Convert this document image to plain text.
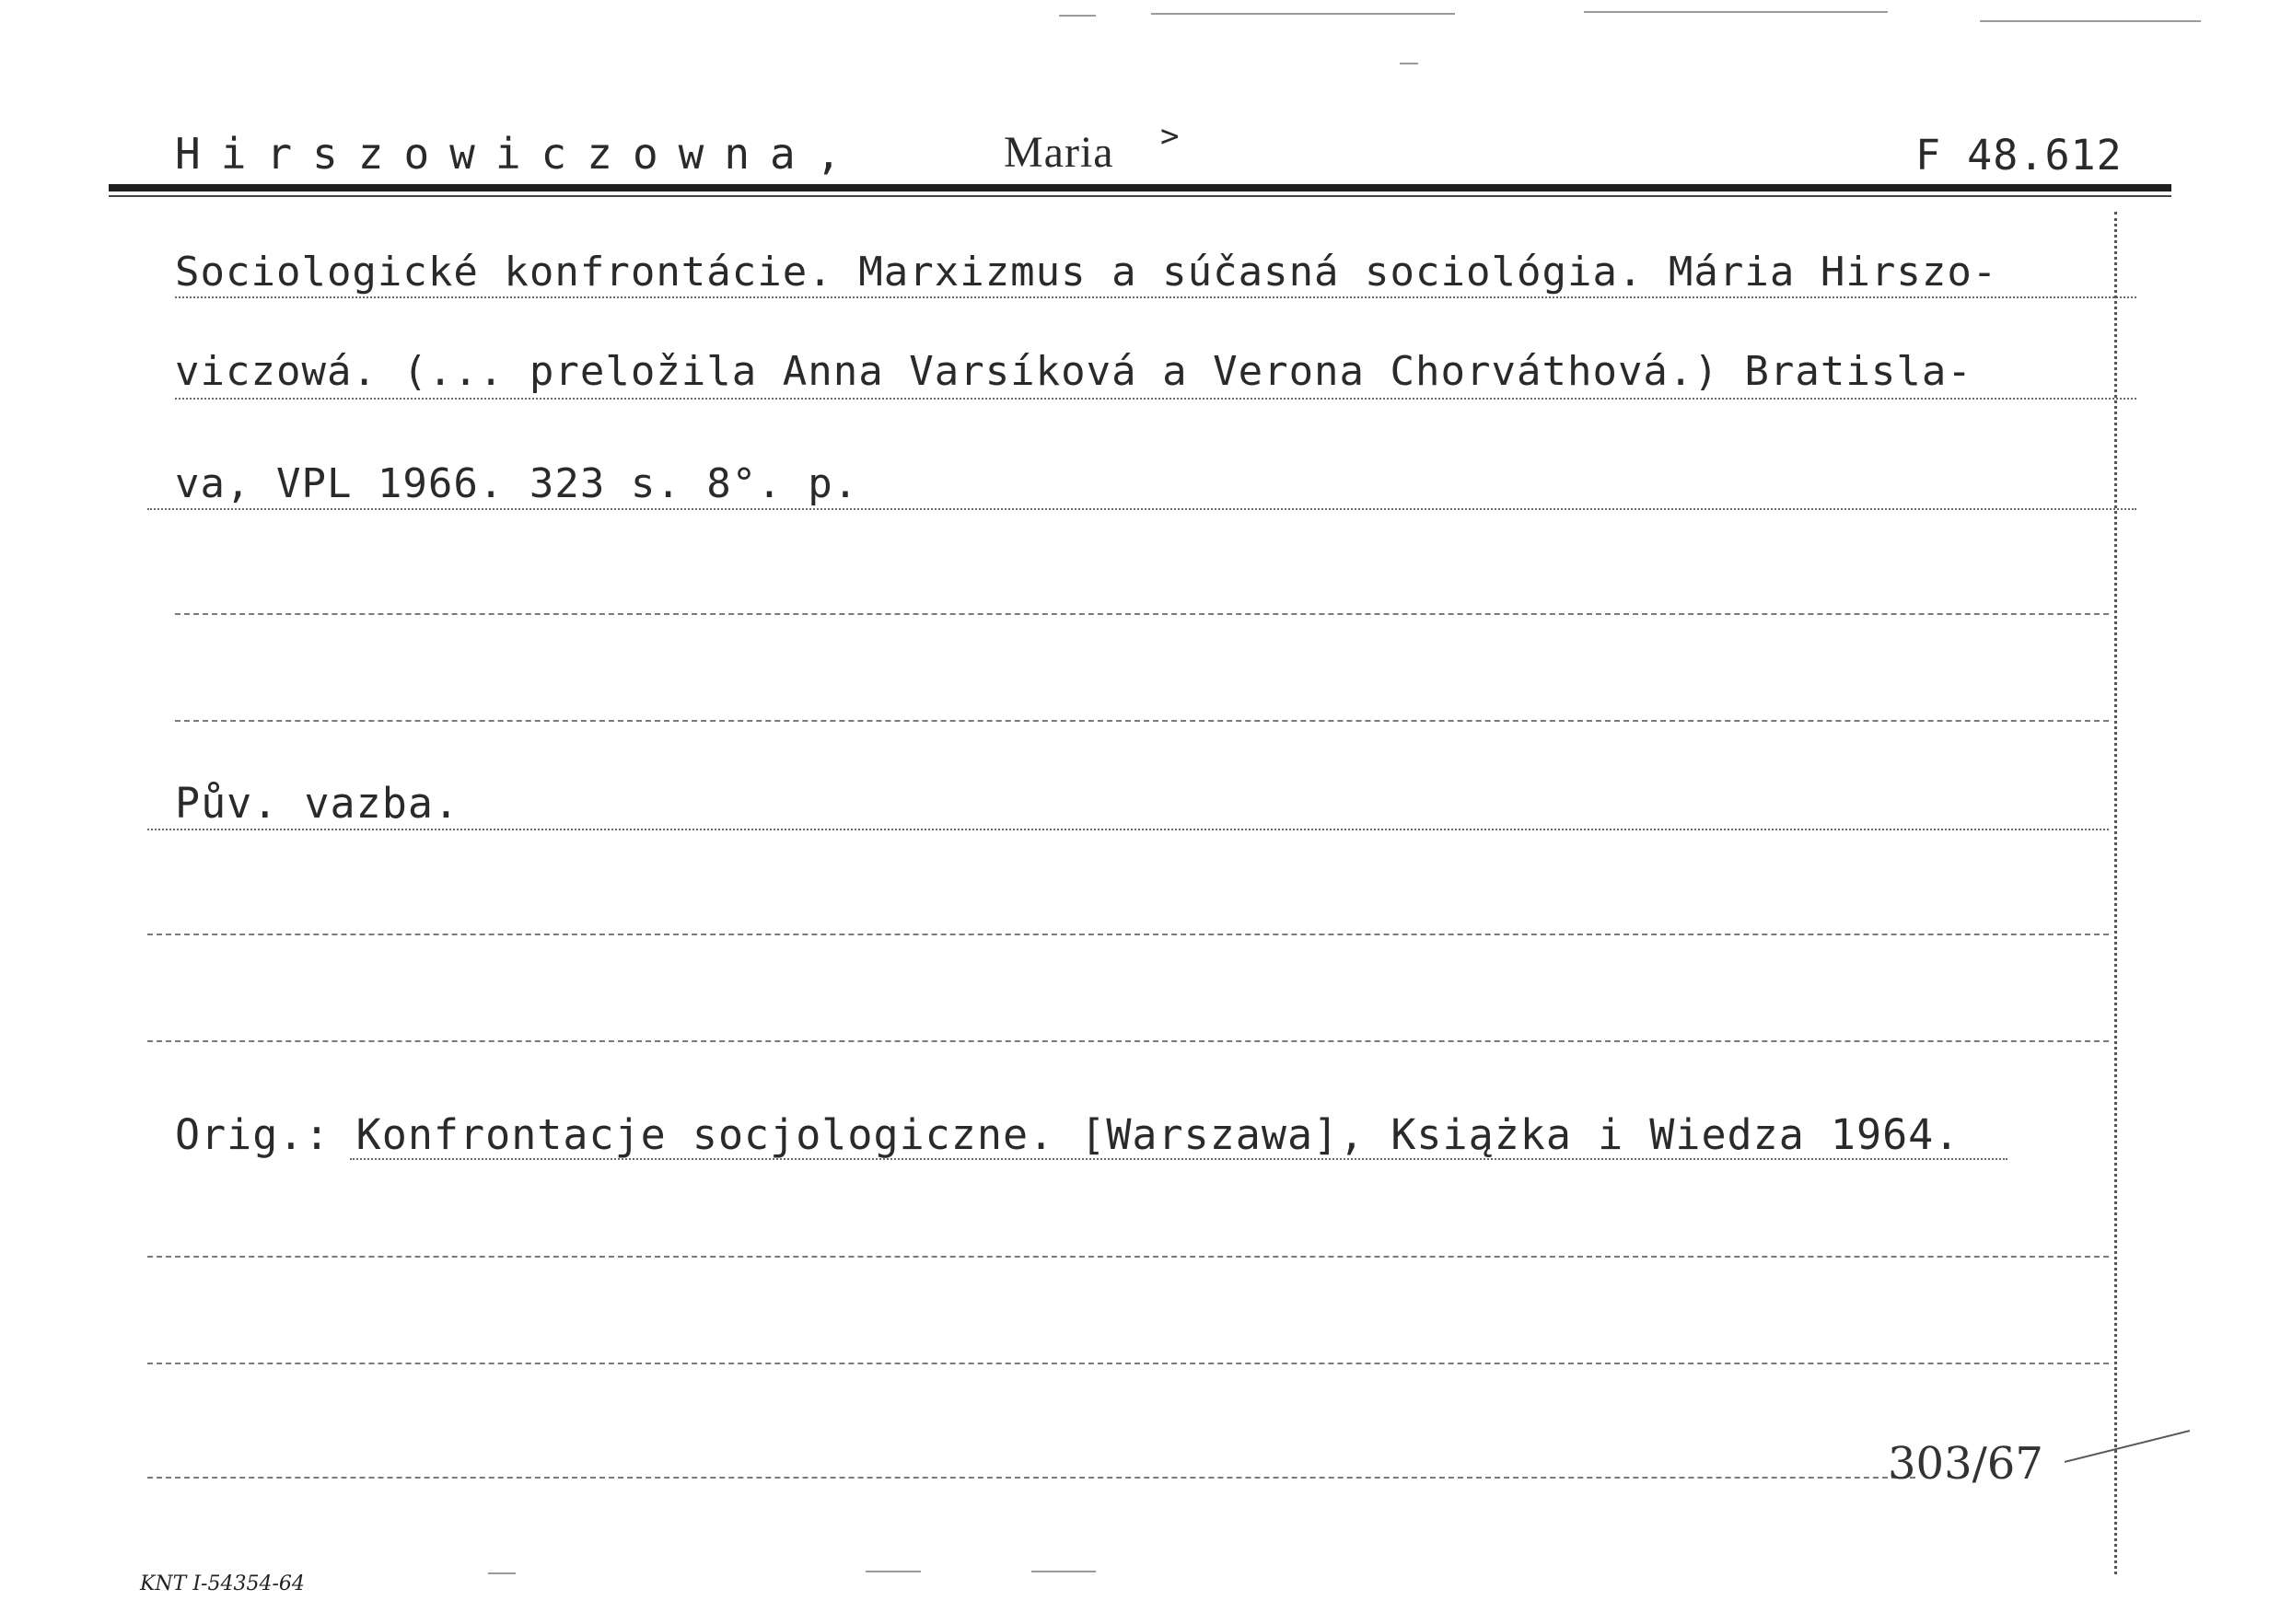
Hirszowiczowna,	Maria >	F 48.612
Sociologické konfrontácie. Marxizmus a súčasná sociológia. Mária Hirszo-
viczowá. (... preložila Anna Varsíková a Verona Chorváthová.) Bratisla-
va, VPL 1966. 323 s. 8°. p.
Pův. vazba.
Orig.: Konfrontacje socjologiczne. [Warszawa], Książka i Wiedza 1964.
303/67
KNT I-54354-64
